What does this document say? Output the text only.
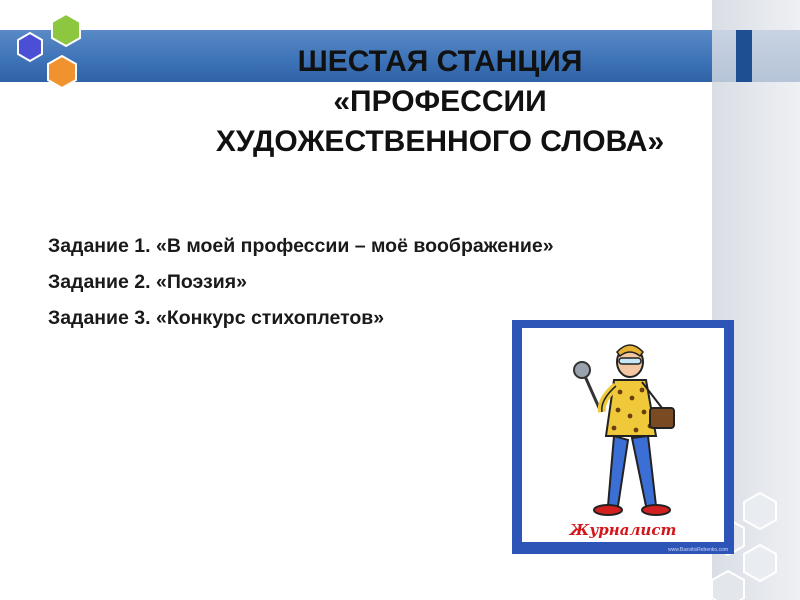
ШЕСТАЯ СТАНЦИЯ
«ПРОФЕССИИ
ХУДОЖЕСТВЕННОГО СЛОВА»
Задание 1. «В моей профессии – моё воображение»
Задание 2. «Поэзия»
Задание 3. «Конкурс стихоплетов»
Журналист
www.BasvitisRebenko.com
